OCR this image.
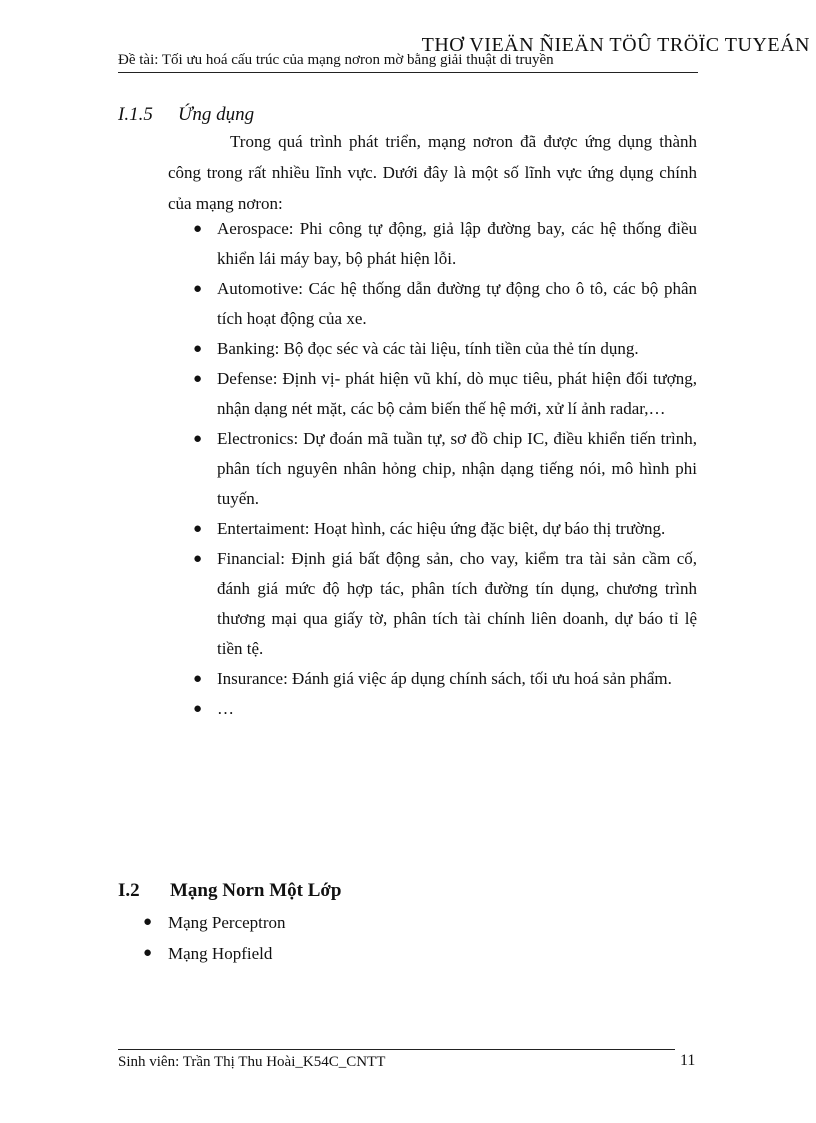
THƠ VIEÄN ÑIEÄN TÖÛ TRÖÏC TUYEÁN
Đề tài: Tối ưu hoá cấu trúc của mạng nơron mờ bằng giải thuật di truyền
I.1.5 Ứng dụng
Trong quá trình phát triển, mạng nơron đã được ứng dụng thành công trong rất nhiều lĩnh vực. Dưới đây là một số lĩnh vực ứng dụng chính của mạng nơron:
● Aerospace: Phi công tự động, giả lập đường bay, các hệ thống điều khiển lái máy bay, bộ phát hiện lỗi.
● Automotive: Các hệ thống dẫn đường tự động cho ô tô, các bộ phân tích hoạt động của xe.
● Banking: Bộ đọc séc và các tài liệu, tính tiền của thẻ tín dụng.
● Defense: Định vị- phát hiện vũ khí, dò mục tiêu, phát hiện đối tượng, nhận dạng nét mặt, các bộ cảm biến thế hệ mới, xử lí ảnh radar,…
● Electronics: Dự đoán mã tuần tự, sơ đồ chip IC, điều khiển tiến trình, phân tích nguyên nhân hỏng chip, nhận dạng tiếng nói, mô hình phi tuyến.
● Entertaiment: Hoạt hình, các hiệu ứng đặc biệt, dự báo thị trường.
● Financial: Định giá bất động sản, cho vay, kiểm tra tài sản cầm cố, đánh giá mức độ hợp tác, phân tích đường tín dụng, chương trình thương mại qua giấy tờ, phân tích tài chính liên doanh, dự báo tỉ lệ tiền tệ.
● Insurance: Đánh giá việc áp dụng chính sách, tối ưu hoá sản phẩm.
● …
I.2 Mạng Norn Một Lớp
● Mạng Perceptron
● Mạng Hopfield
Sinh viên: Trần Thị Thu Hoài_K54C_CNTT	11
